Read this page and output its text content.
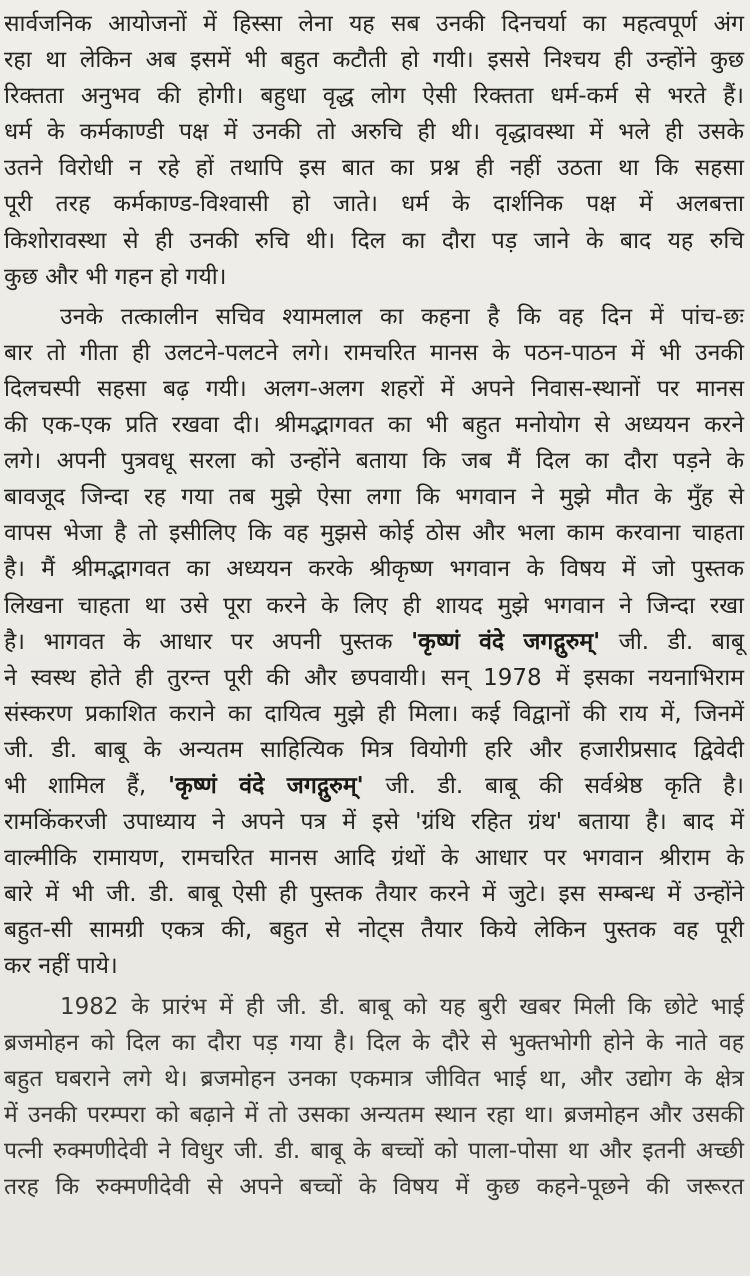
सार्वजनिक आयोजनों में हिस्सा लेना यह सब उनकी दिनचर्या का महत्वपूर्ण अंग
रहा था लेकिन अब इसमें भी बहुत कटौती हो गयी। इससे निश्चय ही उन्होंने कुछ
रिक्तता अनुभव की होगी। बहुधा वृद्ध लोग ऐसी रिक्तता धर्म-कर्म से भरते हैं।
धर्म के कर्मकाण्डी पक्ष में उनकी तो अरुचि ही थी। वृद्धावस्था में भले ही उसके
उतने विरोधी न रहे हों तथापि इस बात का प्रश्न ही नहीं उठता था कि सहसा
पूरी तरह कर्मकाण्ड-विश्वासी हो जाते। धर्म के दार्शनिक पक्ष में अलबत्ता
किशोरावस्था से ही उनकी रुचि थी। दिल का दौरा पड़ जाने के बाद यह रुचि
कुछ और भी गहन हो गयी।
उनके तत्कालीन सचिव श्यामलाल का कहना है कि वह दिन में पांच-छः
बार तो गीता ही उलटने-पलटने लगे। रामचरित मानस के पठन-पाठन में भी उनकी
दिलचस्पी सहसा बढ़ गयी। अलग-अलग शहरों में अपने निवास-स्थानों पर मानस
की एक-एक प्रति रखवा दी। श्रीमद्भागवत का भी बहुत मनोयोग से अध्ययन करने
लगे। अपनी पुत्रवधू सरला को उन्होंने बताया कि जब मैं दिल का दौरा पड़ने के
बावजूद जिन्दा रह गया तब मुझे ऐसा लगा कि भगवान ने मुझे मौत के मुँह से
वापस भेजा है तो इसीलिए कि वह मुझसे कोई ठोस और भला काम करवाना चाहता
है। मैं श्रीमद्भागवत का अध्ययन करके श्रीकृष्ण भगवान के विषय में जो पुस्तक
लिखना चाहता था उसे पूरा करने के लिए ही शायद मुझे भगवान ने जिन्दा रखा
है। भागवत के आधार पर अपनी पुस्तक 'कृष्णं वंदे जगद्गुरुम्' जी. डी. बाबू
ने स्वस्थ होते ही तुरन्त पूरी की और छपवायी। सन् 1978 में इसका नयनाभिराम
संस्करण प्रकाशित कराने का दायित्व मुझे ही मिला। कई विद्वानों की राय में, जिनमें
जी. डी. बाबू के अन्यतम साहित्यिक मित्र वियोगी हरि और हजारीप्रसाद द्विवेदी
भी शामिल हैं, 'कृष्णं वंदे जगद्गुरुम्' जी. डी. बाबू की सर्वश्रेष्ठ कृति है।
रामकिंकरजी उपाध्याय ने अपने पत्र में इसे 'ग्रंथि रहित ग्रंथ' बताया है। बाद में
वाल्मीकि रामायण, रामचरित मानस आदि ग्रंथों के आधार पर भगवान श्रीराम के
बारे में भी जी. डी. बाबू ऐसी ही पुस्तक तैयार करने में जुटे। इस सम्बन्ध में उन्होंने
बहुत-सी सामग्री एकत्र की, बहुत से नोट्स तैयार किये लेकिन पुस्तक वह पूरी
कर नहीं पाये।
1982 के प्रारंभ में ही जी. डी. बाबू को यह बुरी खबर मिली कि छोटे भाई
ब्रजमोहन को दिल का दौरा पड़ गया है। दिल के दौरे से भुक्तभोगी होने के नाते वह
बहुत घबराने लगे थे। ब्रजमोहन उनका एकमात्र जीवित भाई था, और उद्योग के क्षेत्र
में उनकी परम्परा को बढ़ाने में तो उसका अन्यतम स्थान रहा था। ब्रजमोहन और उसकी
पत्नी रुक्मणीदेवी ने विधुर जी. डी. बाबू के बच्चों को पाला-पोसा था और इतनी अच्छी
तरह कि रुक्मणीदेवी से अपने बच्चों के विषय में कुछ कहने-पूछने की जरूरत
